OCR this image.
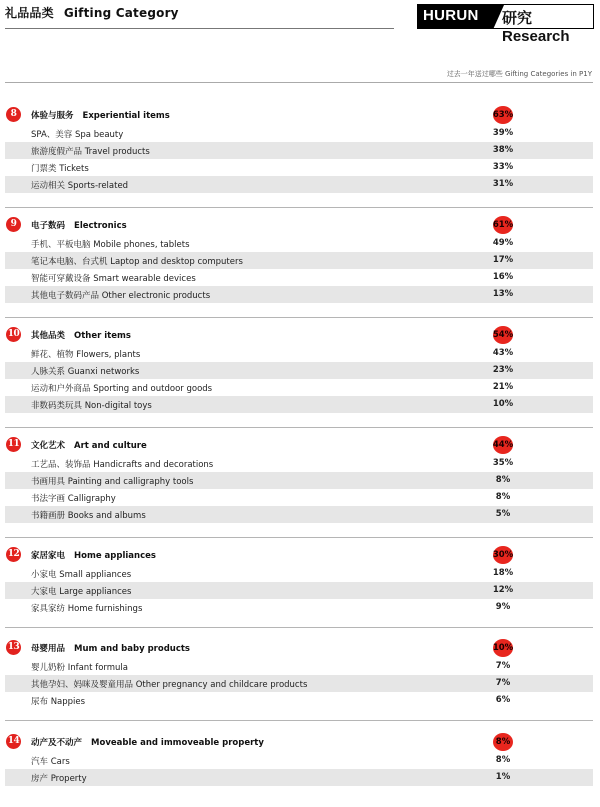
礼品品类 Gifting Category	HURUN 研究 Research
过去一年送过哪些 Gifting Categories in P1Y
8	体验与服务 Experiential items	63%
SPA、美容 Spa beauty	39%
旅游度假产品 Travel products	38%
门票类 Tickets	33%
运动相关 Sports-related	31%
9	电子数码 Electronics	61%
手机、平板电脑 Mobile phones, tablets	49%
笔记本电脑、台式机 Laptop and desktop computers	17%
智能可穿戴设备 Smart wearable devices	16%
其他电子数码产品 Other electronic products	13%
10 其他品类 Other items	54%
鲜花、植物 Flowers, plants	43%
人脉关系 Guanxi networks	23%
运动和户外商品 Sporting and outdoor goods	21%
非数码类玩具 Non-digital toys	10%
11 文化艺术 Art and culture	44%
工艺品、装饰品 Handicrafts and decorations	35%
书画用具 Painting and calligraphy tools	8%
书法字画 Calligraphy	8%
书籍画册 Books and albums	5%
12 家居家电 Home appliances	30%
小家电 Small appliances	18%
大家电 Large appliances	12%
家具家纺 Home furnishings	9%
13 母婴用品 Mum and baby products	10%
婴儿奶粉 Infant formula	7%
其他孕妇、妈咪及婴童用品 Other pregnancy and childcare products	7%
尿布 Nappies	6%
14 动产及不动产 Moveable and immoveable property	8%
汽车 Cars	8%
房产 Property	1%
